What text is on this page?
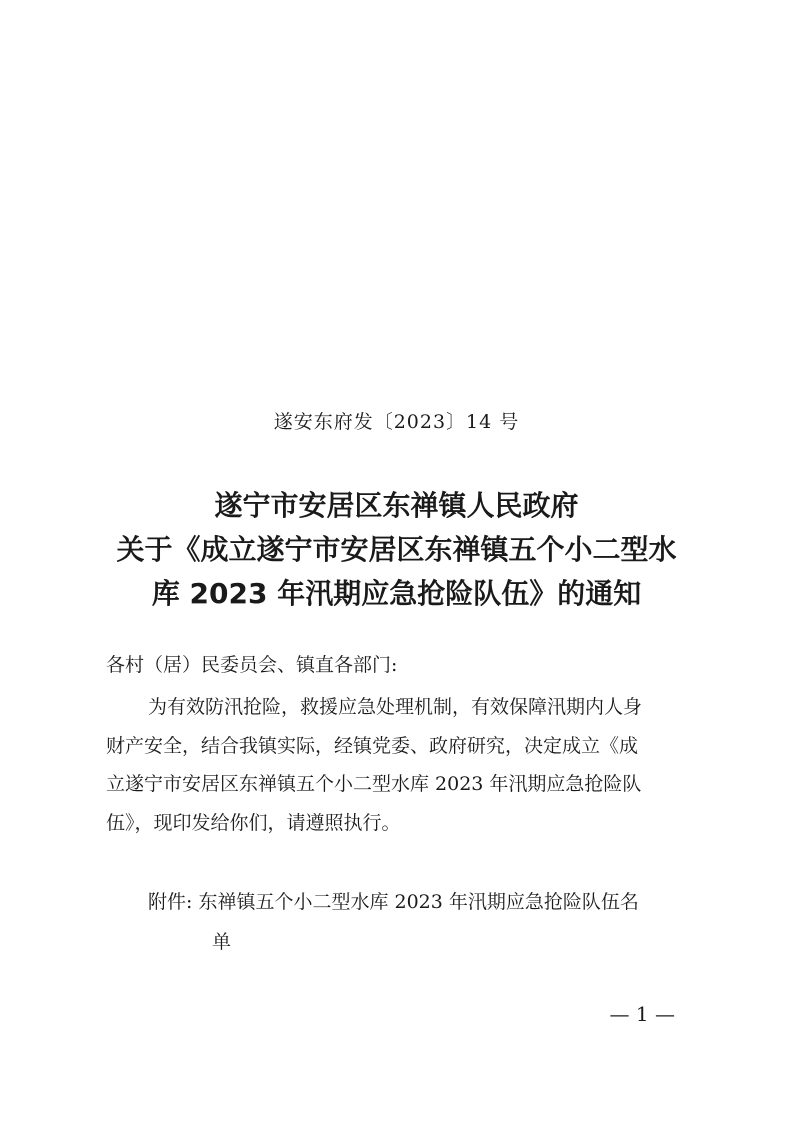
遂安东府发〔2023〕14 号
遂宁市安居区东禅镇人民政府
关于《成立遂宁市安居区东禅镇五个小二型水
库 2023 年汛期应急抢险队伍》的通知
各村（居）民委员会、镇直各部门:
为有效防汛抢险，救援应急处理机制，有效保障汛期内人身
财产安全，结合我镇实际，经镇党委、政府研究，决定成立《成
立遂宁市安居区东禅镇五个小二型水库 2023 年汛期应急抢险队
伍》，现印发给你们，请遵照执行。
附件: 东禅镇五个小二型水库 2023 年汛期应急抢险队伍名
单
— 1 —
